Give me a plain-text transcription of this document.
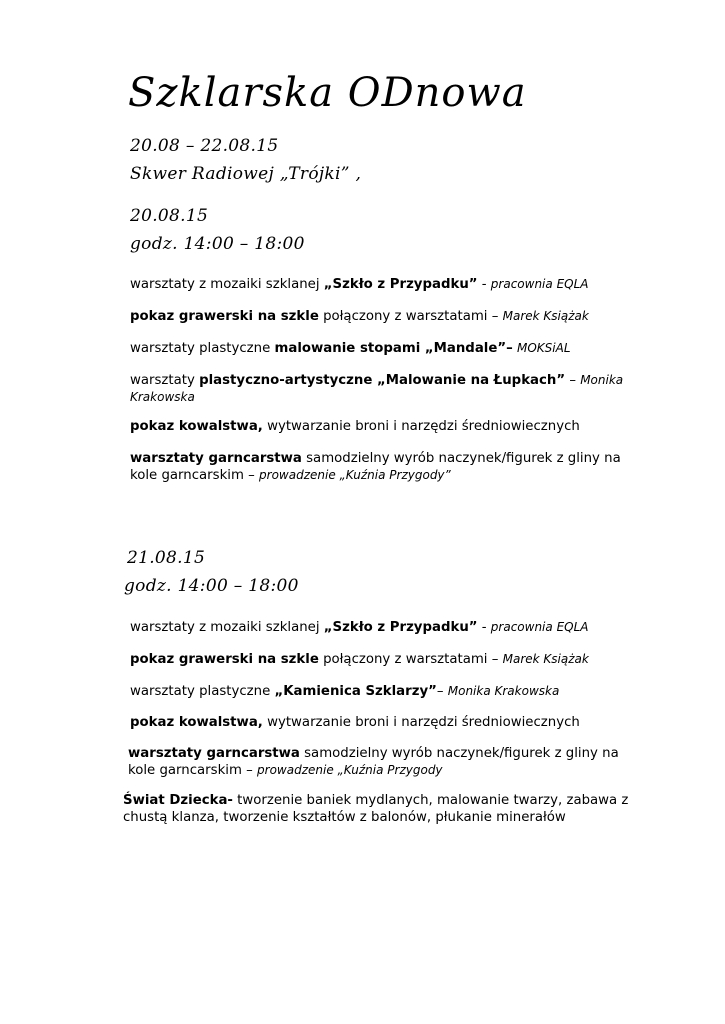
Szklarska ODnowa
20.08 – 22.08.15
Skwer Radiowej „Trójki” ,
20.08.15
godz. 14:00 – 18:00
warsztaty z mozaiki szklanej „Szkło z Przypadku” - pracownia EQLA
pokaz grawerski na szkle połączony z warsztatami – Marek Książak
warsztaty plastyczne malowanie stopami „Mandale”– MOKSiAL
warsztaty plastyczno-artystyczne „Malowanie na Łupkach” – Monika Krakowska
pokaz kowalstwa, wytwarzanie broni i narzędzi średniowiecznych
warsztaty garncarstwa samodzielny wyrób naczynek/figurek z gliny na kole garncarskim – prowadzenie „Kuźnia Przygody”
21.08.15
godz. 14:00 – 18:00
warsztaty z mozaiki szklanej „Szkło z Przypadku” - pracownia EQLA
pokaz grawerski na szkle połączony z warsztatami – Marek Książak
warsztaty plastyczne „Kamienica Szklarzy”– Monika Krakowska
pokaz kowalstwa, wytwarzanie broni i narzędzi średniowiecznych
warsztaty garncarstwa samodzielny wyrób naczynek/figurek z gliny na kole garncarskim – prowadzenie „Kuźnia Przygody
Świat Dziecka- tworzenie baniek mydlanych, malowanie twarzy, zabawa z chustą klanza, tworzenie kształtów z balonów, płukanie minerałów
